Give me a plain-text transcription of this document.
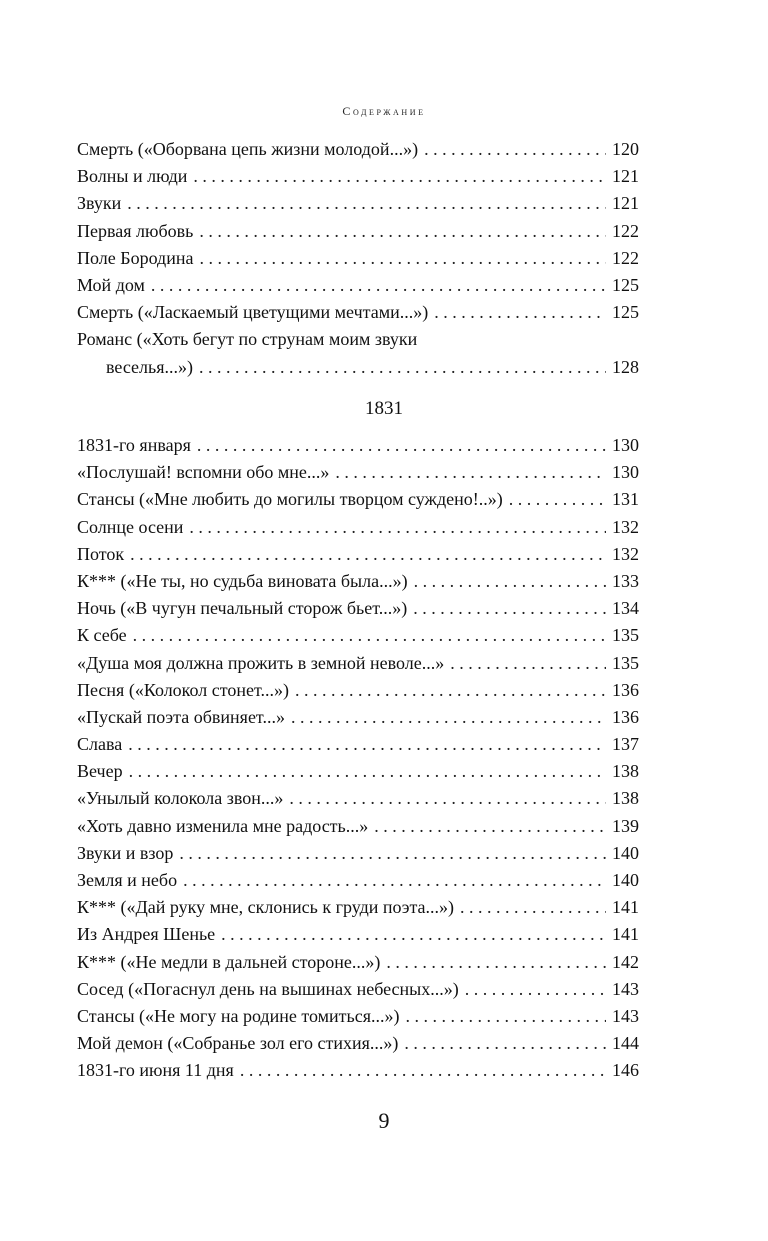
Содержание
Смерть («Оборвана цепь жизни молодой...») . . .	120
Волны и люди . . .	121
Звуки . . .	121
Первая любовь . . .	122
Поле Бородина . . .	122
Мой дом . . .	125
Смерть («Ласкаемый цветущими мечтами...») . . .	125
Романс («Хоть бегут по струнам моим звуки
веселья...») . . .	128
1831
1831-го января . . .	130
«Послушай! вспомни обо мне...» . . .	130
Стансы («Мне любить до могилы творцом суждено!..») . . .	131
Солнце осени . . .	132
Поток . . .	132
К*** («Не ты, но судьба виновата была...») . . .	133
Ночь («В чугун печальный сторож бьет...») . . .	134
К себе . . .	135
«Душа моя должна прожить в земной неволе...» . . .	135
Песня («Колокол стонет...») . . .	136
«Пускай поэта обвиняет...» . . .	136
Слава . . .	137
Вечер . . .	138
«Унылый колокола звон...» . . .	138
«Хоть давно изменила мне радость...» . . .	139
Звуки и взор . . .	140
Земля и небо . . .	140
К*** («Дай руку мне, склонись к груди поэта...») . . .	141
Из Андрея Шенье . . .	141
К*** («Не медли в дальней стороне...») . . .	142
Сосед («Погаснул день на вышинах небесных...») . . .	143
Стансы («Не могу на родине томиться...») . . .	143
Мой демон («Собранье зол его стихия...») . . .	144
1831-го июня 11 дня . . .	146
9
